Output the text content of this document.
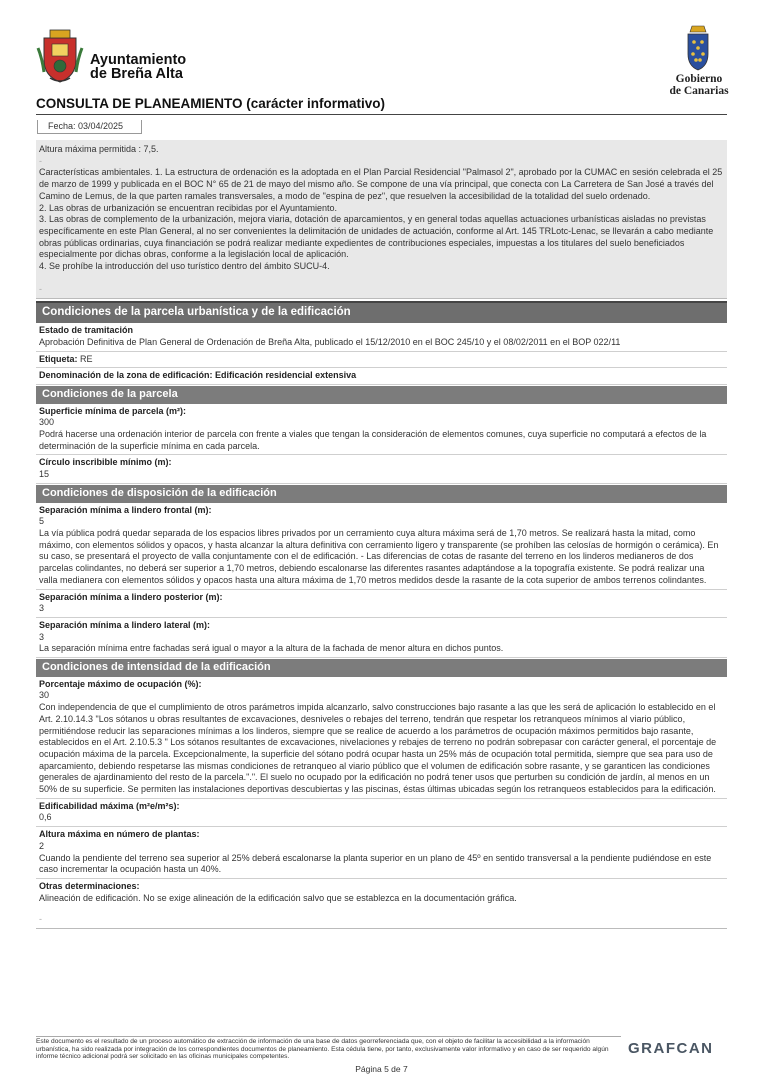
Ayuntamiento
de Breña Alta	Gobierno
de Canarias
CONSULTA DE PLANEAMIENTO (carácter informativo)
Fecha: 03/04/2025

Altura máxima permitida : 7,5.

-

Características ambientales. 1. La estructura de ordenación es la adoptada en el Plan Parcial Residencial "Palmasol 2", aprobado por la CUMAC en sesión celebrada el 25 de marzo de 1999 y publicada en el BOC N° 65 de 21 de mayo del mismo año. Se compone de una vía principal, que conecta con La Carretera de San José a través del Camino de Lemus, de la que parten ramales transversales, a modo de "espina de pez", que resuelven la accesibilidad de la totalidad del suelo ordenado.

2. Las obras de urbanización se encuentran recibidas por el Ayuntamiento.

3. Las obras de complemento de la urbanización, mejora viaria, dotación de aparcamientos, y en general todas aquellas actuaciones urbanísticas aisladas no previstas específicamente en este Plan General, al no ser convenientes la delimitación de unidades de actuación, conforme al Art. 145 TRLotc-Lenac, se llevarán a cabo mediante obras públicas ordinarias, cuya financiación se podrá realizar mediante expedientes de contribuciones especiales, impuestas a los titulares del suelo beneficiados especialmente por dichas obras, conforme a la legislación local de aplicación.

4. Se prohíbe la introducción del uso turístico dentro del ámbito SUCU-4.

-

Condiciones de la parcela urbanística y de la edificación
Estado de tramitación
Aprobación Definitiva de Plan General de Ordenación de Breña Alta, publicado el 15/12/2010 en el BOC 245/10 y el 08/02/2011 en el BOP 022/11
Etiqueta: RE
Denominación de la zona de edificación: Edificación residencial extensiva
Condiciones de la parcela
Superficie mínima de parcela (m²):
300
Podrá hacerse una ordenación interior de parcela con frente a viales que tengan la consideración de elementos comunes, cuya superficie no computará a efectos de la determinación de la superficie mínima en cada parcela.
Círculo inscribible mínimo (m):
15
Condiciones de disposición de la edificación
Separación mínima a lindero frontal (m):
5
La vía pública podrá quedar separada de los espacios libres privados por un cerramiento cuya altura máxima será de 1,70 metros. Se realizará hasta la mitad, como máximo, con elementos sólidos y opacos, y hasta alcanzar la altura definitiva con cerramiento ligero y transparente (se prohíben las celosías de hormigón o cerámica). En su caso, se presentará el proyecto de valla conjuntamente con el de edificación. - Las diferencias de cotas de rasante del terreno en los linderos medianeros de dos parcelas colindantes, no deberá ser superior a 1,70 metros, debiendo escalonarse las diferentes rasantes adaptándose a la topografía existente. Se podrá realizar una valla medianera con elementos sólidos y opacos hasta una altura máxima de 1,70 metros medidos desde la rasante de la cota superior de ambos terrenos colindantes.
Separación mínima a lindero posterior (m):
3
Separación mínima a lindero lateral (m):
3
La separación mínima entre fachadas será igual o mayor a la altura de la fachada de menor altura en dichos puntos.
Condiciones de intensidad de la edificación
Porcentaje máximo de ocupación (%):
30
Con independencia de que el cumplimiento de otros parámetros impida alcanzarlo, salvo construcciones bajo rasante a las que les será de aplicación lo establecido en el Art. 2.10.14.3 "Los sótanos u obras resultantes de excavaciones, desniveles o rebajes del terreno, tendrán que respetar los retranqueos mínimos al viario público, permitiéndose reducir las separaciones mínimas a los linderos, siempre que se realice de acuerdo a los parámetros de ocupación máximos permitidos bajo rasante, establecidos en el Art. 2.10.5.3 " Los sótanos resultantes de excavaciones, nivelaciones y rebajes de terreno no podrán sobrepasar con carácter general, el porcentaje de ocupación máxima de la parcela. Excepcionalmente, la superficie del sótano podrá ocupar hasta un 25% más de ocupación total permitida, siempre que sea para uso de aparcamiento, debiendo respetarse las mismas condiciones de retranqueo al viario público que el volumen de edificación sobre rasante, y se garanticen las condiciones generales de ajardinamiento del resto de la parcela.".". El suelo no ocupado por la edificación no podrá tener usos que perturben su condición de jardín, al menos en un 50% de su superficie. Se permiten las instalaciones deportivas descubiertas y las piscinas, éstas últimas ubicadas según los retranqueos establecidos para la edificación.
Edificabilidad máxima (m²e/m²s):
0,6
Altura máxima en número de plantas:
2
Cuando la pendiente del terreno sea superior al 25% deberá escalonarse la planta superior en un plano de 45º en sentido transversal a la pendiente pudiéndose en este caso incrementar la ocupación hasta un 40%.
Otras determinaciones:
Alineación de edificación. No se exige alineación de la edificación salvo que se establezca en la documentación gráfica.
-
Este documento es el resultado de un proceso automático de extracción de información de una base de datos georreferenciada que, con el objeto de facilitar la accesibilidad a la información urbanística, ha sido realizada por integración de los correspondientes documentos de planeamiento. Esta cédula tiene, por tanto, exclusivamente valor informativo y en caso de ser requerido algún informe técnico adicional podrá ser solicitado en las oficinas municipales competentes.	GRAFCAN
Página 5 de 7
